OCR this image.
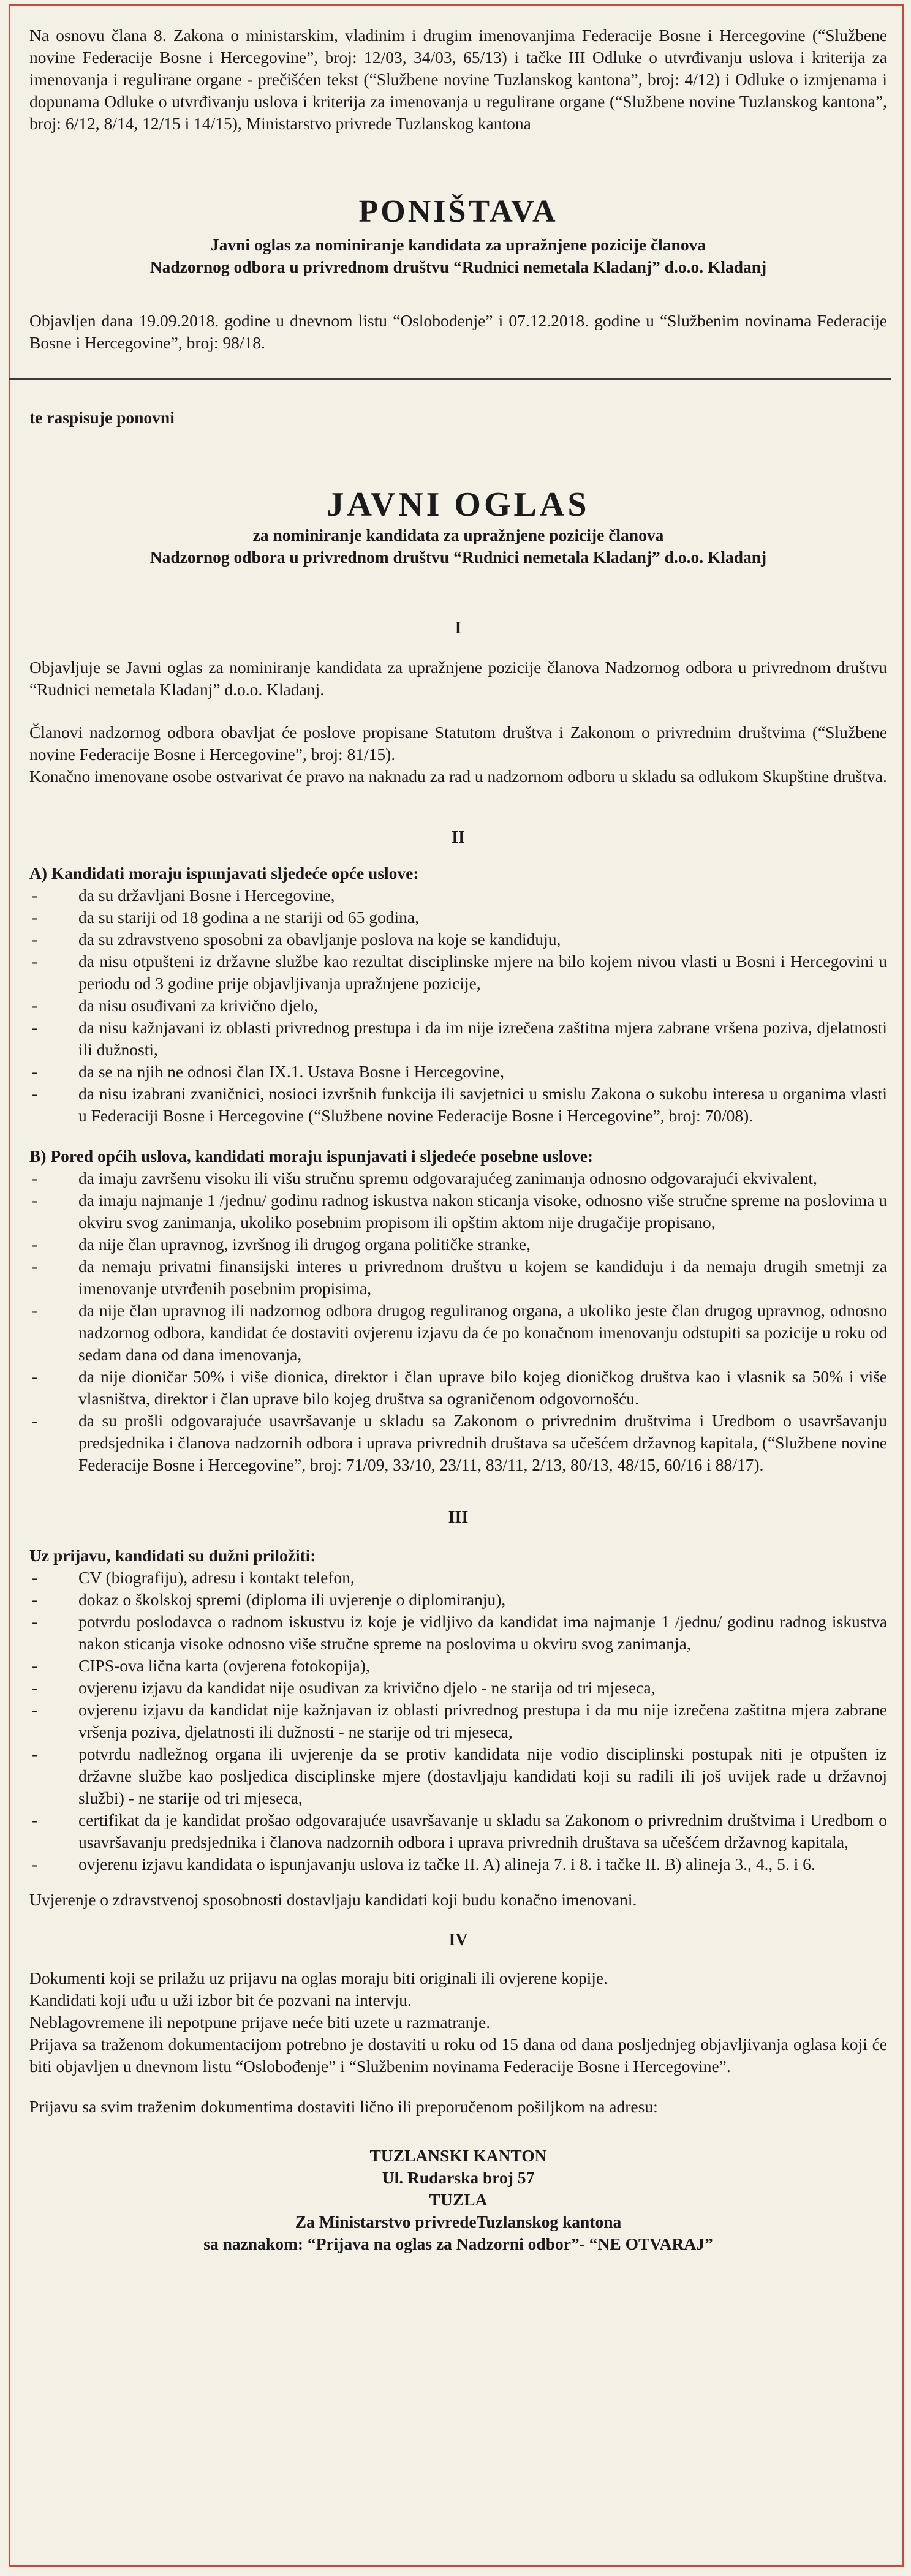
Na osnovu člana 8. Zakona o ministarskim, vladinim i drugim imenovanjima Federacije Bosne i Hercegovine (“Službene novine Federacije Bosne i Hercegovine”, broj: 12/03, 34/03, 65/13) i tačke III Odluke o utvrđivanju uslova i kriterija za imenovanja i regulirane organe - prečišćen tekst (“Službene novine Tuzlanskog kantona”, broj: 4/12) i Odluke o izmjenama i dopunama Odluke o utvrđivanju uslova i kriterija za imenovanja u regulirane organe (“Službene novine Tuzlanskog kantona”, broj: 6/12, 8/14, 12/15 i 14/15), Ministarstvo privrede Tuzlanskog kantona

PONIŠTAVA
Javni oglas za nominiranje kandidata za upražnjene pozicije članova
Nadzornog odbora u privrednom društvu “Rudnici nemetala Kladanj” d.o.o. Kladanj

Objavljen dana 19.09.2018. godine u dnevnom listu “Oslobođenje” i 07.12.2018. godine u “Službenim novinama Federacije Bosne i Hercegovine”, broj: 98/18.

te raspisuje ponovni
JAVNI OGLAS
za nominiranje kandidata za upražnjene pozicije članova
Nadzornog odbora u privrednom društvu “Rudnici nemetala Kladanj” d.o.o. Kladanj
I

Objavljuje se Javni oglas za nominiranje kandidata za upražnjene pozicije članova Nadzornog odbora u privrednom društvu “Rudnici nemetala Kladanj” d.o.o. Kladanj.

Članovi nadzornog odbora obavljat će poslove propisane Statutom društva i Zakonom o privrednim društvima (“Službene novine Federacije Bosne i Hercegovine”, broj: 81/15).

Konačno imenovane osobe ostvarivat će pravo na naknadu za rad u nadzornom odboru u skladu sa odlukom Skupštine društva.

II
A) Kandidati moraju ispunjavati sljedeće opće uslove:
- da su državljani Bosne i Hercegovine,
- da su stariji od 18 godina a ne stariji od 65 godina,
- da su zdravstveno sposobni za obavljanje poslova na koje se kandiduju,
- da nisu otpušteni iz državne službe kao rezultat disciplinske mjere na bilo kojem nivou vlasti u Bosni i Hercegovini u periodu od 3 godine prije objavljivanja upražnjene pozicije,
- da nisu osuđivani za krivično djelo,
- da nisu kažnjavani iz oblasti privrednog prestupa i da im nije izrečena zaštitna mjera zabrane vršena poziva, djelatnosti ili dužnosti,
- da se na njih ne odnosi član IX.1. Ustava Bosne i Hercegovine,
- da nisu izabrani zvaničnici, nosioci izvršnih funkcija ili savjetnici u smislu Zakona o sukobu interesa u organima vlasti u Federaciji Bosne i Hercegovine (“Službene novine Federacije Bosne i Hercegovine”, broj: 70/08).
B) Pored općih uslova, kandidati moraju ispunjavati i sljedeće posebne uslove:
- da imaju završenu visoku ili višu stručnu spremu odgovarajućeg zanimanja odnosno odgovarajući ekvivalent,
- da imaju najmanje 1 /jednu/ godinu radnog iskustva nakon sticanja visoke, odnosno više stručne spreme na poslovima u okviru svog zanimanja, ukoliko posebnim propisom ili opštim aktom nije drugačije propisano,
- da nije član upravnog, izvršnog ili drugog organa političke stranke,
- da nemaju privatni finansijski interes u privrednom društvu u kojem se kandiduju i da nemaju drugih smetnji za imenovanje utvrđenih posebnim propisima,
- da nije član upravnog ili nadzornog odbora drugog reguliranog organa, a ukoliko jeste član drugog upravnog, odnosno nadzornog odbora, kandidat će dostaviti ovjerenu izjavu da će po konačnom imenovanju odstupiti sa pozicije u roku od sedam dana od dana imenovanja,
- da nije dioničar 50% i više dionica, direktor i član uprave bilo kojeg dioničkog društva kao i vlasnik sa 50% i više vlasništva, direktor i član uprave bilo kojeg društva sa ograničenom odgovornošću.
- da su prošli odgovarajuće usavršavanje u skladu sa Zakonom o privrednim društvima i Uredbom o usavršavanju predsjednika i članova nadzornih odbora i uprava privrednih društava sa učešćem državnog kapitala, (“Službene novine Federacije Bosne i Hercegovine”, broj: 71/09, 33/10, 23/11, 83/11, 2/13, 80/13, 48/15, 60/16 i 88/17).
III
Uz prijavu, kandidati su dužni priložiti:
- CV (biografiju), adresu i kontakt telefon,
- dokaz o školskoj spremi (diploma ili uvjerenje o diplomiranju),
- potvrdu poslodavca o radnom iskustvu iz koje je vidljivo da kandidat ima najmanje 1 /jednu/ godinu radnog iskustva nakon sticanja visoke odnosno više stručne spreme na poslovima u okviru svog zanimanja,
- CIPS-ova lična karta (ovjerena fotokopija),
- ovjerenu izjavu da kandidat nije osuđivan za krivično djelo - ne starija od tri mjeseca,
- ovjerenu izjavu da kandidat nije kažnjavan iz oblasti privrednog prestupa i da mu nije izrečena zaštitna mjera zabrane vršenja poziva, djelatnosti ili dužnosti - ne starije od tri mjeseca,
- potvrdu nadležnog organa ili uvjerenje da se protiv kandidata nije vodio disciplinski postupak niti je otpušten iz državne službe kao posljedica disciplinske mjere (dostavljaju kandidati koji su radili ili još uvijek rade u državnoj službi) - ne starije od tri mjeseca,
- certifikat da je kandidat prošao odgovarajuće usavršavanje u skladu sa Zakonom o privrednim društvima i Uredbom o usavršavanju predsjednika i članova nadzornih odbora i uprava privrednih društava sa učešćem državnog kapitala,
- ovjerenu izjavu kandidata o ispunjavanju uslova iz tačke II. A) alineja 7. i 8. i tačke II. B) alineja 3., 4., 5. i 6.

Uvjerenje o zdravstvenoj sposobnosti dostavljaju kandidati koji budu konačno imenovani.

IV

Dokumenti koji se prilažu uz prijavu na oglas moraju biti originali ili ovjerene kopije.

Kandidati koji uđu u uži izbor bit će pozvani na intervju.

Neblagovremene ili nepotpune prijave neće biti uzete u razmatranje.

Prijava sa traženom dokumentacijom potrebno je dostaviti u roku od 15 dana od dana posljednjeg objavljivanja oglasa koji će biti objavljen u dnevnom listu “Oslobođenje” i “Službenim novinama Federacije Bosne i Hercegovine”.

Prijavu sa svim traženim dokumentima dostaviti lično ili preporučenom pošiljkom na adresu:

TUZLANSKI KANTON
Ul. Rudarska broj 57
TUZLA
Za Ministarstvo privredeTuzlanskog kantona
sa naznakom: “Prijava na oglas za Nadzorni odbor”- “NE OTVARAJ”
